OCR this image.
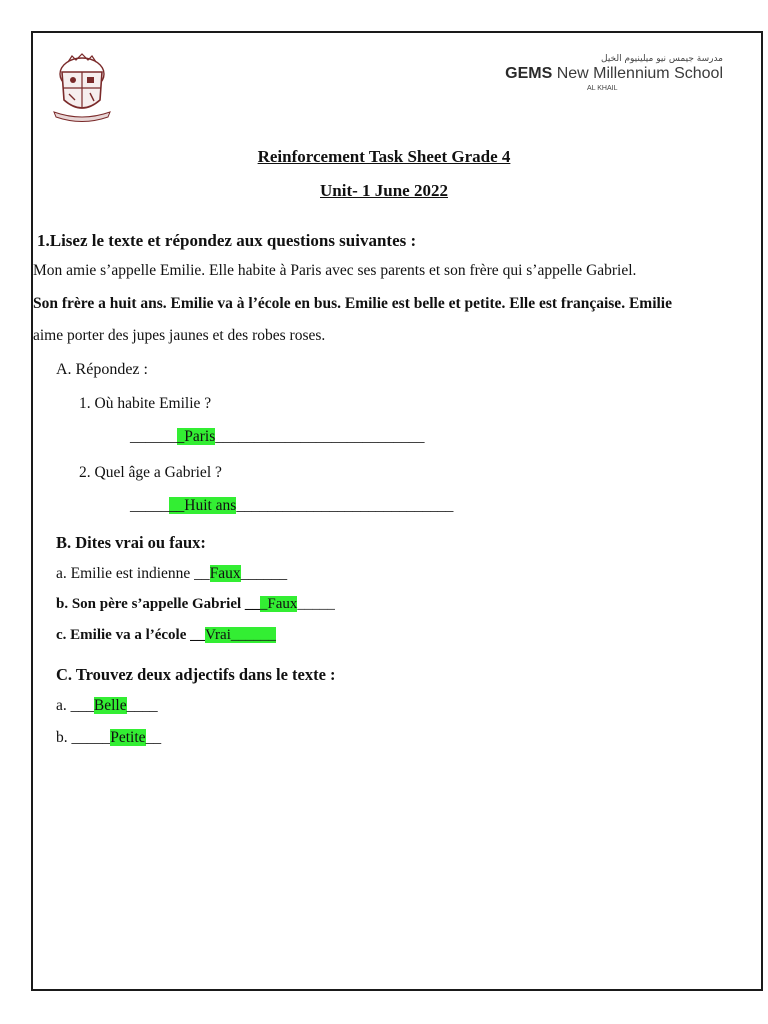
مدرسة جيمس نيو ميلينيوم الخيل
GEMS New Millennium School
AL KHAIL
Reinforcement Task Sheet Grade 4
Unit- 1 June 2022
1.Lisez le texte et répondez aux questions suivantes :
Mon amie s’appelle Emilie. Elle habite à Paris avec ses parents et son frère qui s’appelle Gabriel.
Son frère a huit ans. Emilie va à l’école en bus. Emilie est belle et petite. Elle est française. Emilie
aime porter des jupes jaunes et des robes roses.
A. Répondez :
1. Où habite Emilie ?
_______Paris___________________________
2. Quel âge a Gabriel ?
_______Huit ans____________________________
B. Dites vrai ou faux:
a. Emilie est indienne __Faux______
b. Son père s’appelle Gabriel ___Faux_____
c. Emilie va a l’école __Vrai______
C. Trouvez deux adjectifs dans le texte :
a. ___Belle____
b. _____Petite__
